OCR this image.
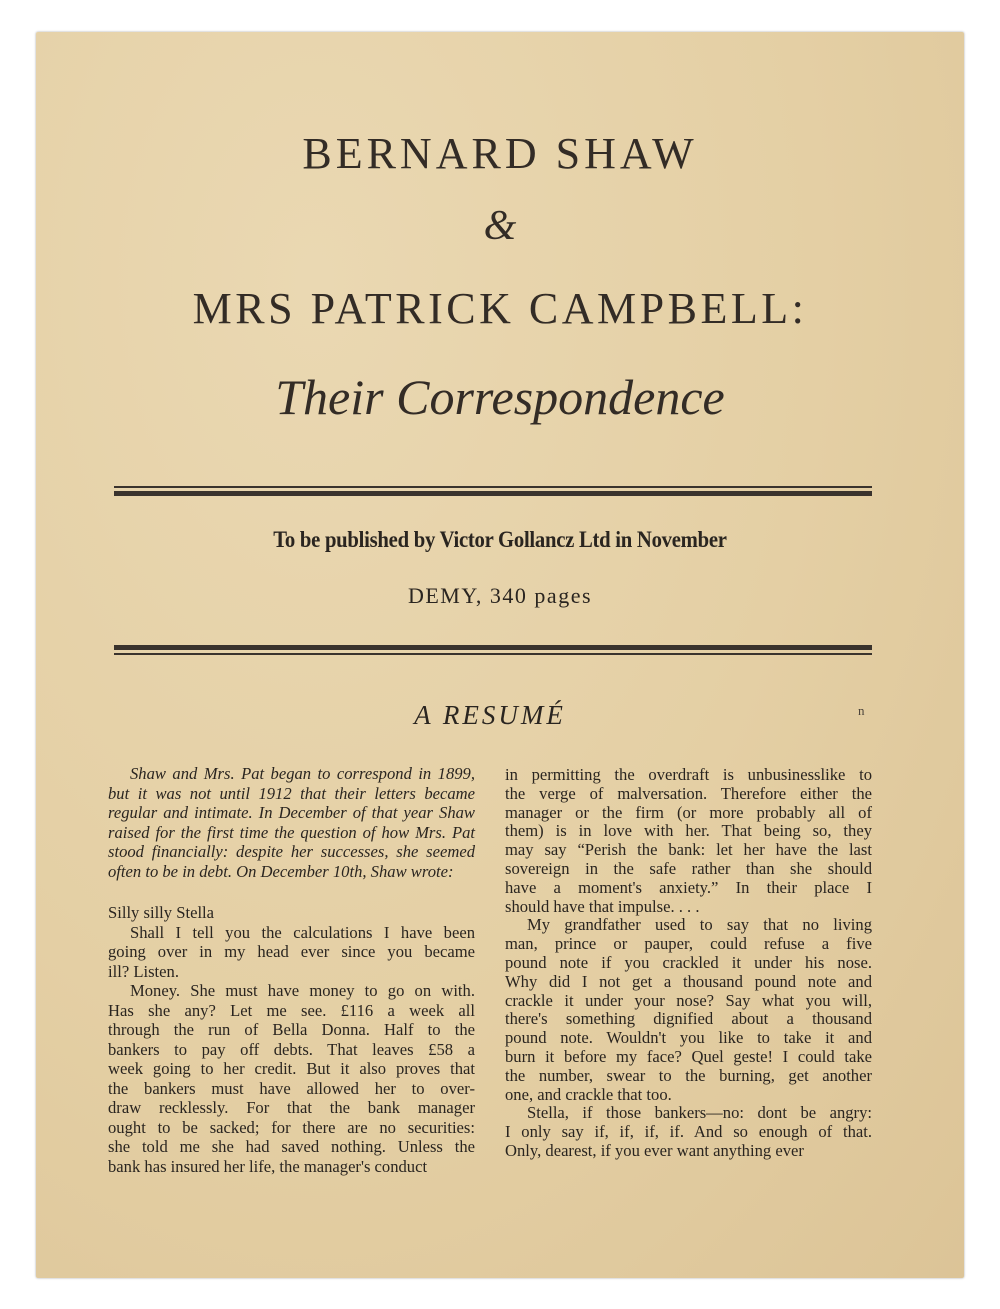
BERNARD SHAW
&
MRS PATRICK CAMPBELL:
Their Correspondence
To be published by Victor Gollancz Ltd in November
DEMY, 340 pages
A RESUMÉ	n
Shaw and Mrs. Pat began to correspond in 1899,
but it was not until 1912 that their letters became
regular and intimate. In December of that year Shaw
raised for the first time the question of how Mrs. Pat
stood financially: despite her successes, she seemed
often to be in debt. On December 10th, Shaw wrote:
Silly silly Stella
Shall I tell you the calculations I have been
going over in my head ever since you became
ill? Listen.
Money. She must have money to go on with.
Has she any? Let me see. £116 a week all
through the run of Bella Donna. Half to the
bankers to pay off debts. That leaves £58 a
week going to her credit. But it also proves that
the bankers must have allowed her to over-
draw recklessly. For that the bank manager
ought to be sacked; for there are no securities:
she told me she had saved nothing. Unless the
bank has insured her life, the manager's conduct
in permitting the overdraft is unbusinesslike to
the verge of malversation. Therefore either the
manager or the firm (or more probably all of
them) is in love with her. That being so, they
may say “Perish the bank: let her have the last
sovereign in the safe rather than she should
have a moment's anxiety.” In their place I
should have that impulse. . . .
My grandfather used to say that no living
man, prince or pauper, could refuse a five
pound note if you crackled it under his nose.
Why did I not get a thousand pound note and
crackle it under your nose? Say what you will,
there's something dignified about a thousand
pound note. Wouldn't you like to take it and
burn it before my face? Quel geste! I could take
the number, swear to the burning, get another
one, and crackle that too.
Stella, if those bankers—no: dont be angry:
I only say if, if, if, if. And so enough of that.
Only, dearest, if you ever want anything ever
